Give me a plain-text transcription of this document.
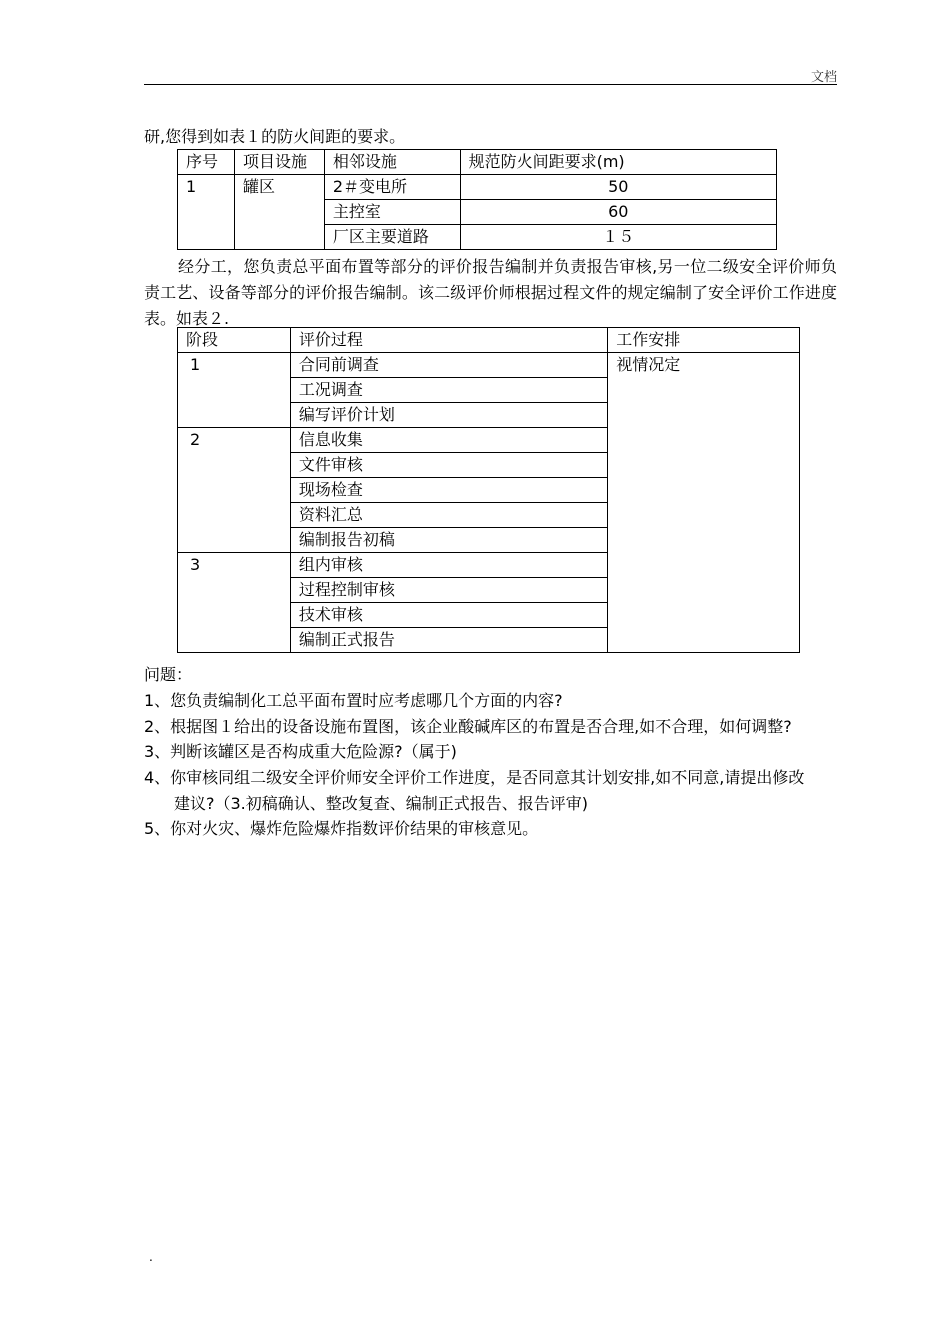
文档
研,您得到如表１的防火间距的要求。
序号	项目设施	相邻设施	规范防火间距要求(m)
1	罐区	2＃变电所	50
		主控室	60
		厂区主要道路	１５
经分工，您负责总平面布置等部分的评价报告编制并负责报告审核,另一位二级安全评价师负责工艺、设备等部分的评价报告编制。该二级评价师根据过程文件的规定编制了安全评价工作进度表。如表２.
阶段	评价过程	工作安排
1	合同前调查	视情况定
	工况调查	
	编写评价计划	
2	信息收集	
	文件审核	
	现场检查	
	资料汇总	
	编制报告初稿	
3	组内审核	
	过程控制审核	
	技术审核	
	编制正式报告	
问题：
1、您负责编制化工总平面布置时应考虑哪几个方面的内容?
2、根据图１给出的设备设施布置图，该企业酸碱库区的布置是否合理,如不合理，如何调整?
3、判断该罐区是否构成重大危险源?（属于)
4、你审核同组二级安全评价师安全评价工作进度，是否同意其计划安排,如不同意,请提出修改
建议?（3.初稿确认、整改复查、编制正式报告、报告评审)
5、你对火灾、爆炸危险爆炸指数评价结果的审核意见。
.
